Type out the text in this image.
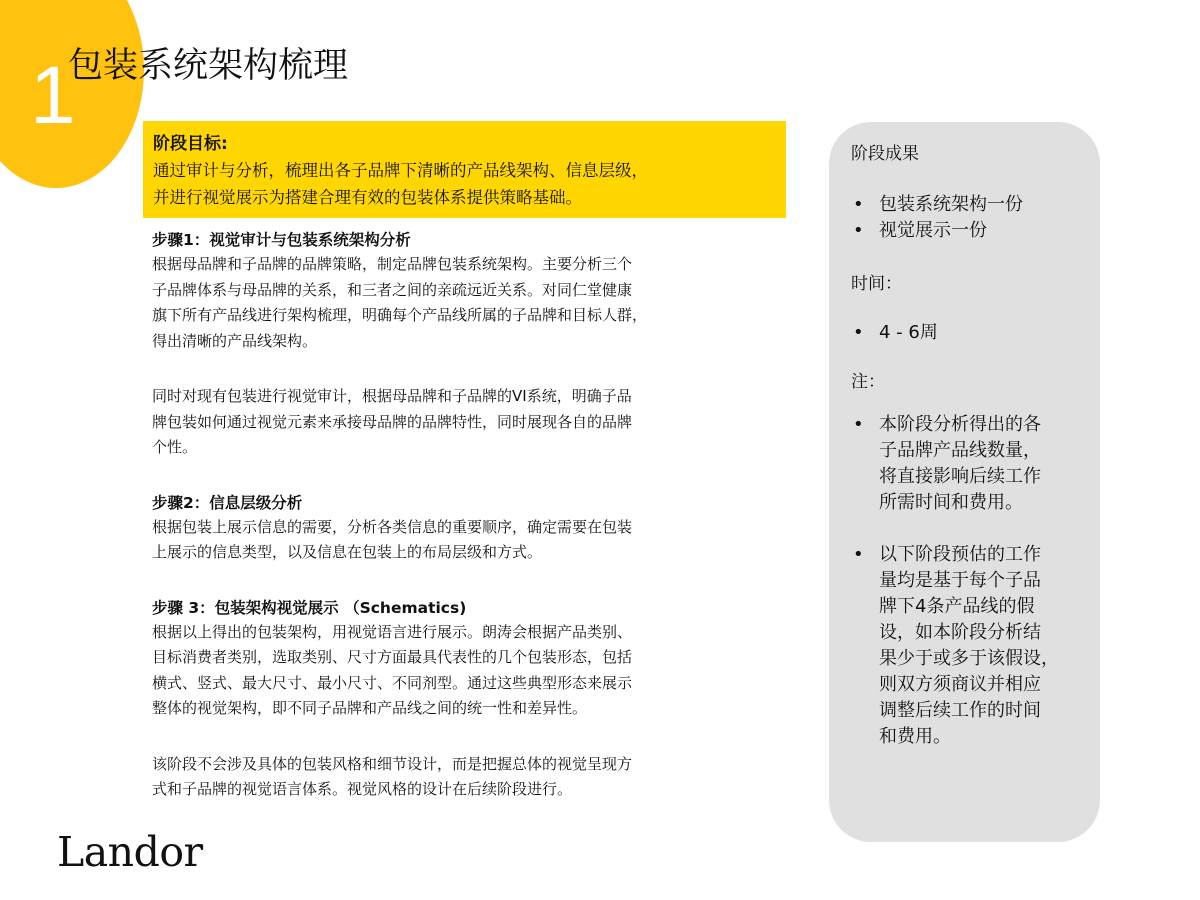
1
包装系统架构梳理
阶段目标:
通过审计与分析，梳理出各子品牌下清晰的产品线架构、信息层级，
并进行视觉展示为搭建合理有效的包装体系提供策略基础。
步骤1：视觉审计与包装系统架构分析

根据母品牌和子品牌的品牌策略，制定品牌包装系统架构。主要分析三个
子品牌体系与母品牌的关系，和三者之间的亲疏远近关系。对同仁堂健康
旗下所有产品线进行架构梳理，明确每个产品线所属的子品牌和目标人群，
得出清晰的产品线架构。

同时对现有包装进行视觉审计，根据母品牌和子品牌的VI系统，明确子品
牌包装如何通过视觉元素来承接母品牌的品牌特性，同时展现各自的品牌
个性。

步骤2：信息层级分析

根据包装上展示信息的需要，分析各类信息的重要顺序，确定需要在包装
上展示的信息类型，以及信息在包装上的布局层级和方式。

步骤 3：包装架构视觉展示 （Schematics)

根据以上得出的包装架构，用视觉语言进行展示。朗涛会根据产品类别、
目标消费者类别，选取类别、尺寸方面最具代表性的几个包装形态，包括
横式、竖式、最大尺寸、最小尺寸、不同剂型。通过这些典型形态来展示
整体的视觉架构，即不同子品牌和产品线之间的统一性和差异性。

该阶段不会涉及具体的包装风格和细节设计，而是把握总体的视觉呈现方
式和子品牌的视觉语言体系。视觉风格的设计在后续阶段进行。

阶段成果
• 包装系统架构一份
• 视觉展示一份
时间：
• 4 - 6周
注：
• 本阶段分析得出的各
子品牌产品线数量，
将直接影响后续工作
所需时间和费用。
• 以下阶段预估的工作
量均是基于每个子品
牌下4条产品线的假
设，如本阶段分析结
果少于或多于该假设，
则双方须商议并相应
调整后续工作的时间
和费用。
Landor
